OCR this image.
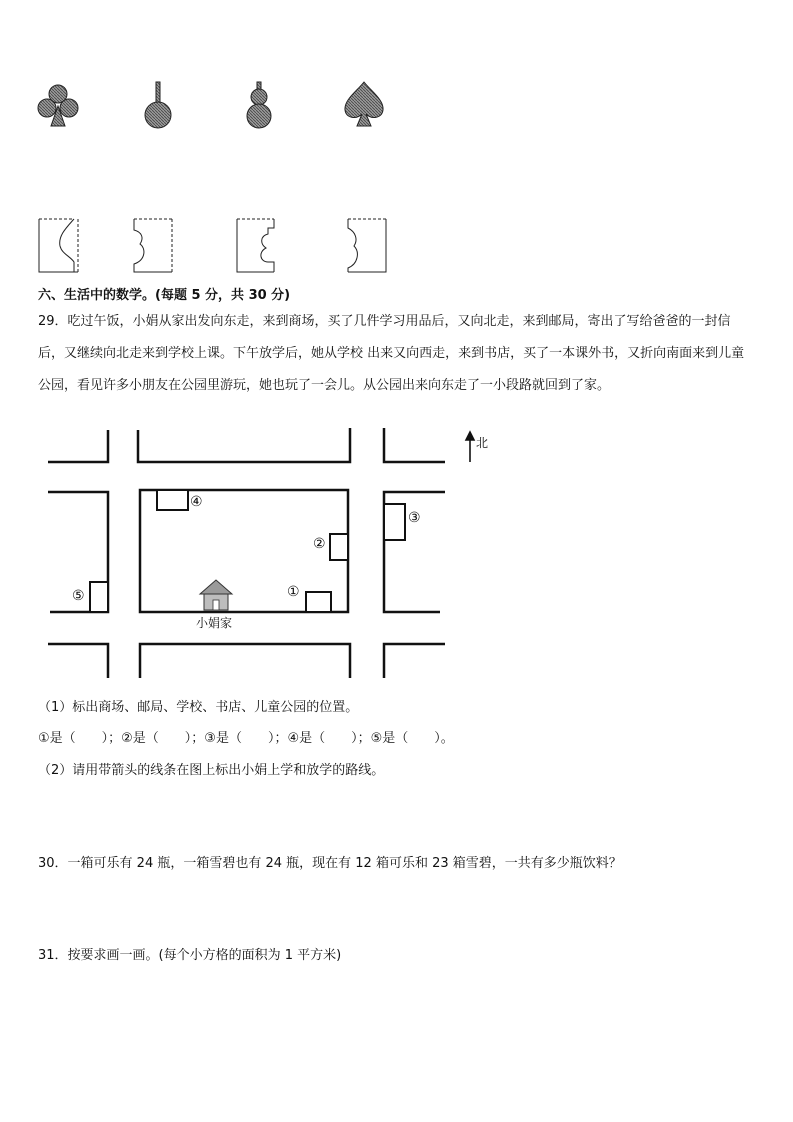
六、生活中的数学。(每题 5 分，共 30 分)
29．吃过午饭，小娟从家出发向东走，来到商场，买了几件学习用品后，又向北走，来到邮局，寄出了写给爸爸的一封信后，又继续向北走来到学校上课。下午放学后，她从学校 出来又向西走，来到书店，买了一本课外书，又折向南面来到儿童公园，看见许多小朋友在公园里游玩，她也玩了一会儿。从公园出来向东走了一小段路就回到了家。
北
④
②
③
①
⑤
小娟家
（1）标出商场、邮局、学校、书店、儿童公园的位置。
①是（　　）；②是（　　）；③是（　　）；④是（　　）；⑤是（　　）。
（2）请用带箭头的线条在图上标出小娟上学和放学的路线。
30．一箱可乐有 24 瓶，一箱雪碧也有 24 瓶，现在有 12 箱可乐和 23 箱雪碧，一共有多少瓶饮料？
31．按要求画一画。(每个小方格的面积为 1 平方米)
